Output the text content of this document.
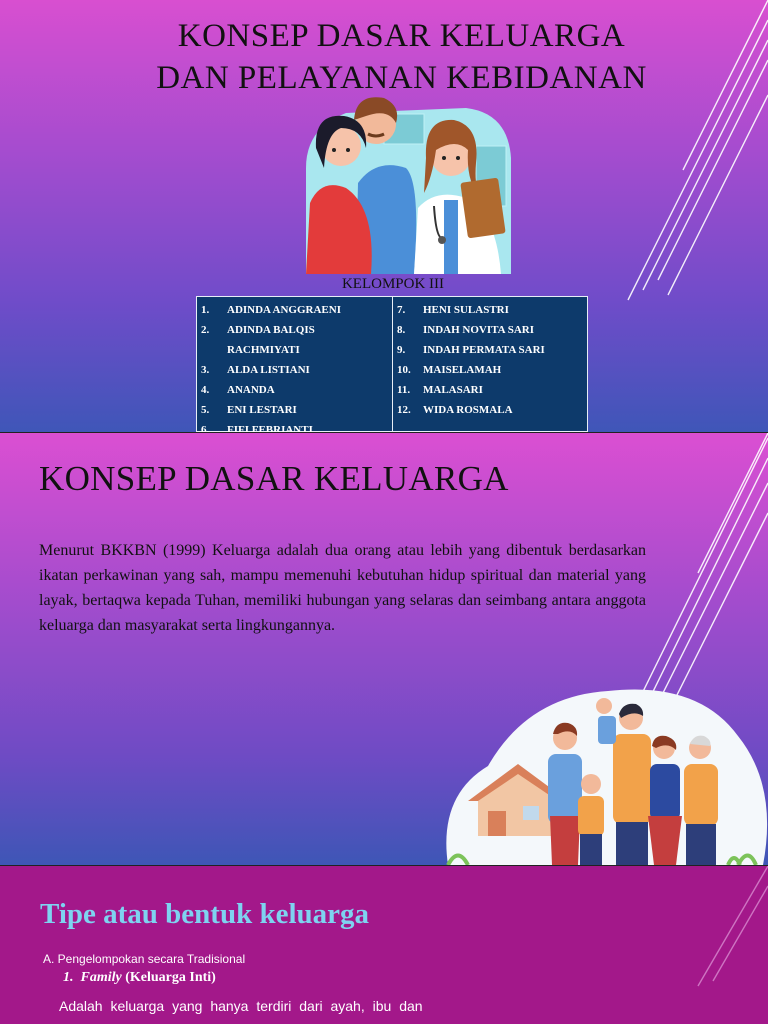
KONSEP DASAR KELUARGA
DAN PELAYANAN KEBIDANAN
KELOMPOK III
1.	ADINDA ANGGRAENI
2.	ADINDA BALQIS
RACHMIYATI
3.	ALDA LISTIANI
4.	ANANDA
5.	ENI LESTARI
6.	FIFI FEBRIANTI
7.	HENI SULASTRI
8.	INDAH NOVITA SARI
9.	INDAH PERMATA SARI
10.	MAISELAMAH
11.	MALASARI
12.	WIDA ROSMALA
KONSEP DASAR KELUARGA

Menurut BKKBN (1999) Keluarga adalah dua orang atau lebih yang dibentuk berdasarkan ikatan perkawinan yang sah, mampu memenuhi kebutuhan hidup spiritual dan material yang layak, bertaqwa kepada Tuhan, memiliki hubungan yang selaras dan seimbang antara anggota keluarga dan masyarakat serta lingkungannya.

Tipe atau bentuk keluarga
A. Pengelompokan secara Tradisional
1. Family (Keluarga Inti)
Adalah keluarga yang hanya terdiri dari ayah, ibu dan
